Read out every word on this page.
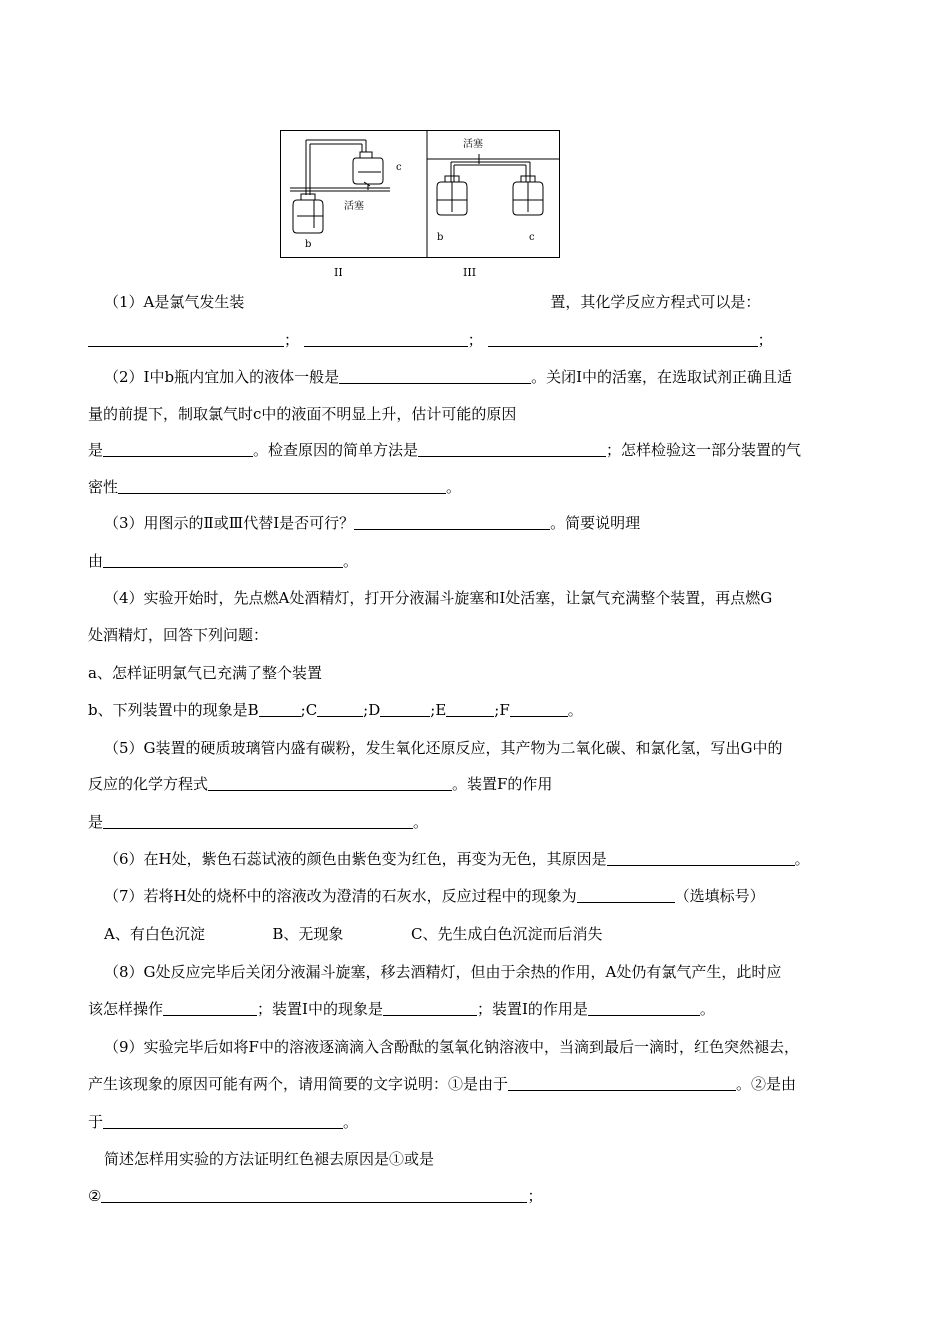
活塞
c
b
活塞
b	c
II	III
（1）A是氯气发生装	置，其化学反应方程式可以是：
；	；	；
（2）Ⅰ中b瓶内宜加入的液体一般是	。关闭Ⅰ中的活塞，在选取试剂正确且适
量的前提下，制取氯气时c中的液面不明显上升，估计可能的原因
是	。检查原因的简单方法是	；怎样检验这一部分装置的气
密性	。
（3）用图示的Ⅱ或Ⅲ代替Ⅰ是否可行？	。简要说明理
由	。
（4）实验开始时，先点燃A处酒精灯，打开分液漏斗旋塞和Ⅰ处活塞，让氯气充满整个装置，再点燃G
处酒精灯，回答下列问题：
a、怎样证明氯气已充满了整个装置
b、下列装置中的现象是B	;C	;D	;E	;F	。
（5）G装置的硬质玻璃管内盛有碳粉，发生氧化还原反应，其产物为二氧化碳、和氯化氢，写出G中的
反应的化学方程式	。装置F的作用
是	。
（6）在H处，紫色石蕊试液的颜色由紫色变为红色，再变为无色，其原因是	。
（7）若将H处的烧杯中的溶液改为澄清的石灰水，反应过程中的现象为	（选填标号）
A、有白色沉淀	B、无现象	C、先生成白色沉淀而后消失
（8）G处反应完毕后关闭分液漏斗旋塞，移去酒精灯，但由于余热的作用，A处仍有氯气产生，此时应
该怎样操作	；装置Ⅰ中的现象是	；装置Ⅰ的作用是	。
（9）实验完毕后如将F中的溶液逐滴滴入含酚酞的氢氧化钠溶液中，当滴到最后一滴时，红色突然褪去，
产生该现象的原因可能有两个，请用简要的文字说明：①是由于	。②是由
于	。
简述怎样用实验的方法证明红色褪去原因是①或是
②	；
